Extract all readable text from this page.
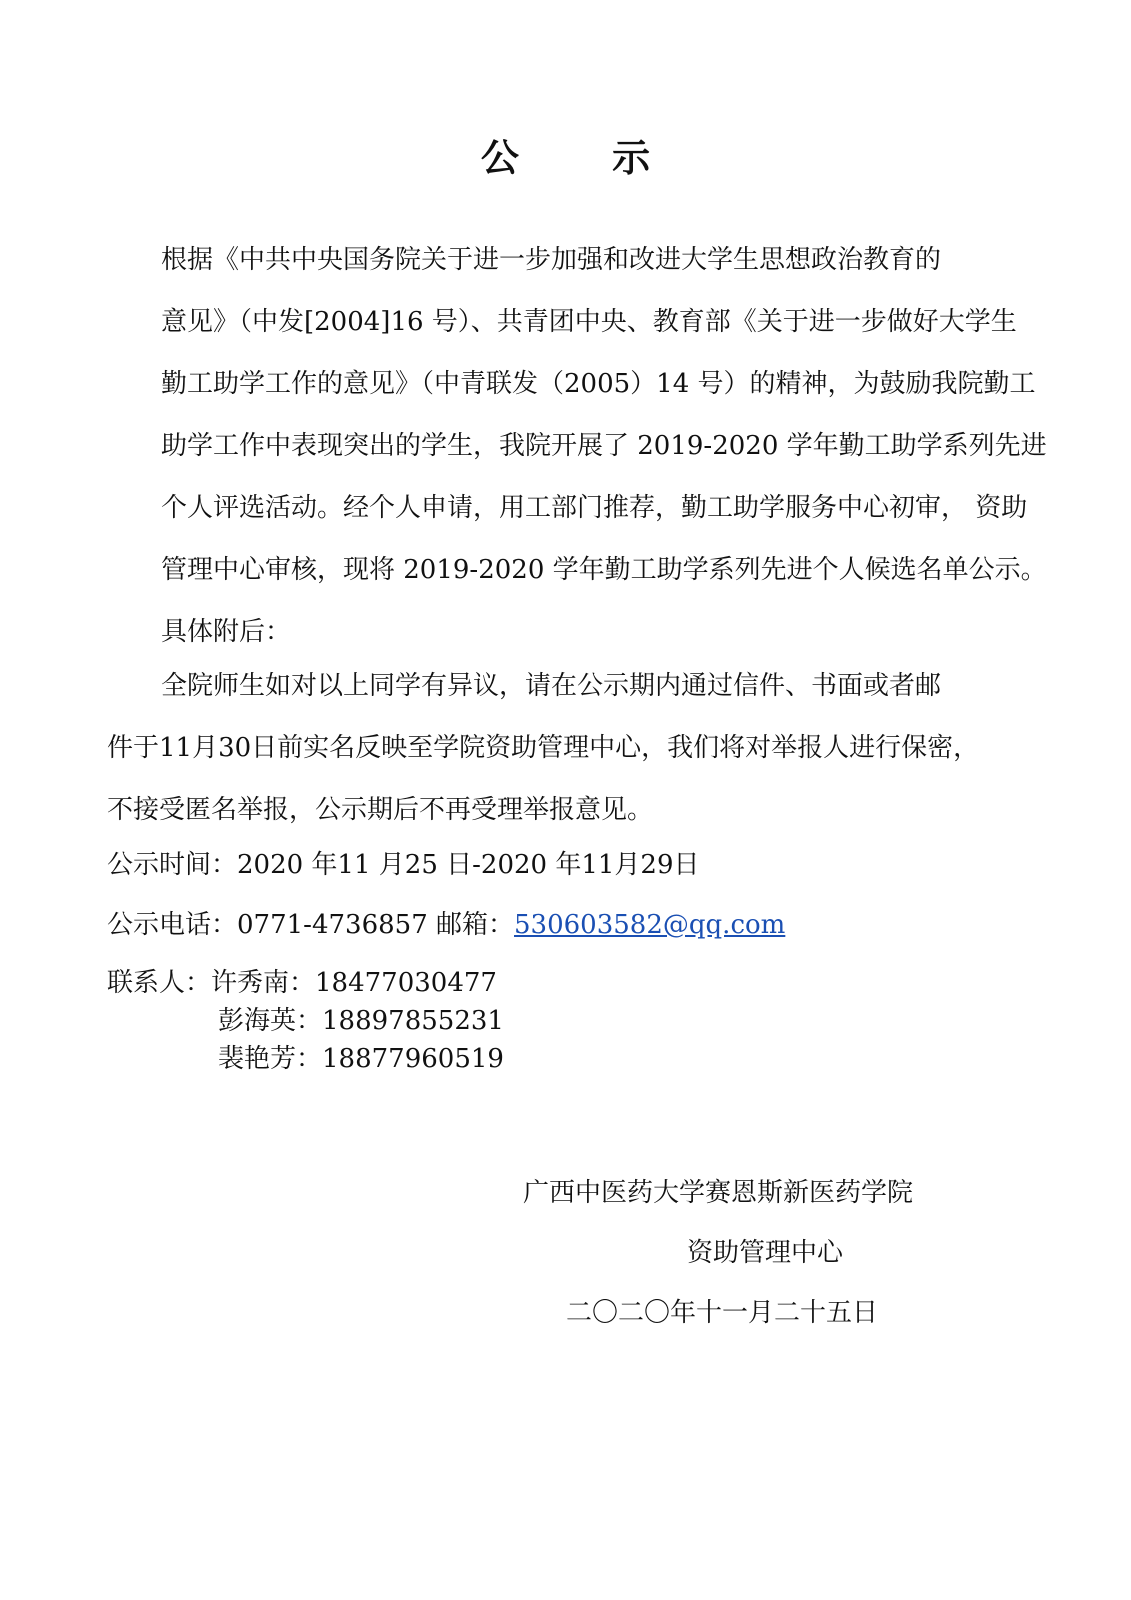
公 示
根据《中共中央国务院关于进一步加强和改进大学生思想政治教育的
意见》（中发[2004]16 号）、共青团中央、教育部《关于进一步做好大学生
勤工助学工作的意见》（中青联发（2005）14 号）的精神，为鼓励我院勤工
助学工作中表现突出的学生，我院开展了 2019-2020 学年勤工助学系列先进
个人评选活动。经个人申请，用工部门推荐，勤工助学服务中心初审， 资助
管理中心审核，现将 2019-2020 学年勤工助学系列先进个人候选名单公示。
具体附后：
全院师生如对以上同学有异议，请在公示期内通过信件、书面或者邮
件于11月30日前实名反映至学院资助管理中心，我们将对举报人进行保密，
不接受匿名举报，公示期后不再受理举报意见。
公示时间：2020 年11 月25 日-2020 年11月29日
公示电话：0771-4736857 邮箱：530603582@qq.com
联系人：许秀南：18477030477
彭海英：18897855231
裴艳芳：18877960519
广西中医药大学赛恩斯新医药学院
资助管理中心
二〇二〇年十一月二十五日
